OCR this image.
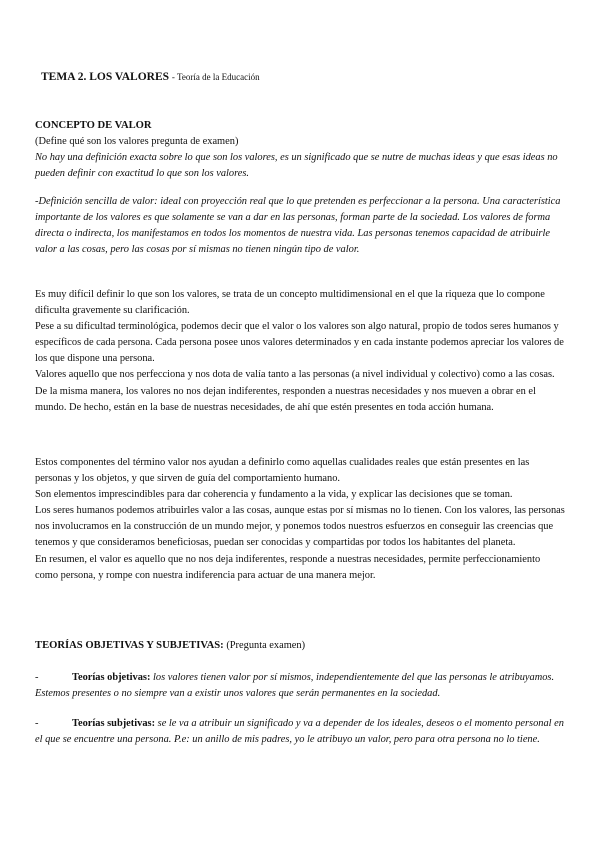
TEMA 2. LOS VALORES - Teoría de la Educación

CONCEPTO DE VALOR

(Define qué son los valores pregunta de examen)

No hay una definición exacta sobre lo que son los valores, es un significado que se nutre de muchas ideas y que esas ideas no pueden definir con exactitud lo que son los valores.

-Definición sencilla de valor: ideal con proyección real que lo que pretenden es perfeccionar a la persona. Una característica importante de los valores es que solamente se van a dar en las personas, forman parte de la sociedad. Los valores de forma directa o indirecta, los manifestamos en todos los momentos de nuestra vida. Las personas tenemos capacidad de atribuirle valor a las cosas, pero las cosas por sí mismas no tienen ningún tipo de valor.

Es muy difícil definir lo que son los valores, se trata de un concepto multidimensional en el que la riqueza que lo compone dificulta gravemente su clarificación.

Pese a su dificultad terminológica, podemos decir que el valor o los valores son algo natural, propio de todos seres humanos y específicos de cada persona. Cada persona posee unos valores determinados y en cada instante podemos apreciar los valores de los que dispone una persona.

Valores aquello que nos perfecciona y nos dota de valía tanto a las personas (a nivel individual y colectivo) como a las cosas.

De la misma manera, los valores no nos dejan indiferentes, responden a nuestras necesidades y nos mueven a obrar en el mundo. De hecho, están en la base de nuestras necesidades, de ahí que estén presentes en toda acción humana.

Estos componentes del término valor nos ayudan a definirlo como aquellas cualidades reales que están presentes en las personas y los objetos, y que sirven de guía del comportamiento humano.

Son elementos imprescindibles para dar coherencia y fundamento a la vida, y explicar las decisiones que se toman.

Los seres humanos podemos atribuirles valor a las cosas, aunque estas por sí mismas no lo tienen. Con los valores, las personas nos involucramos en la construcción de un mundo mejor, y ponemos todos nuestros esfuerzos en conseguir las creencias que tenemos y que consideramos beneficiosas, puedan ser conocidas y compartidas por todos los habitantes del planeta.

En resumen, el valor es aquello que no nos deja indiferentes, responde a nuestras necesidades, permite perfeccionamiento como persona, y rompe con nuestra indiferencia para actuar de una manera mejor.

TEORÍAS OBJETIVAS Y SUBJETIVAS: (Pregunta examen)
-	Teorías objetivas: los valores tienen valor por sí mismos, independientemente del que las personas le atribuyamos. Estemos presentes o no siempre van a existir unos valores que serán permanentes en la sociedad.

-	Teorías subjetivas: se le va a atribuir un significado y va a depender de los ideales, deseos o el momento personal en el que se encuentre una persona. P.e: un anillo de mis padres, yo le atribuyo un valor, pero para otra persona no lo tiene.
